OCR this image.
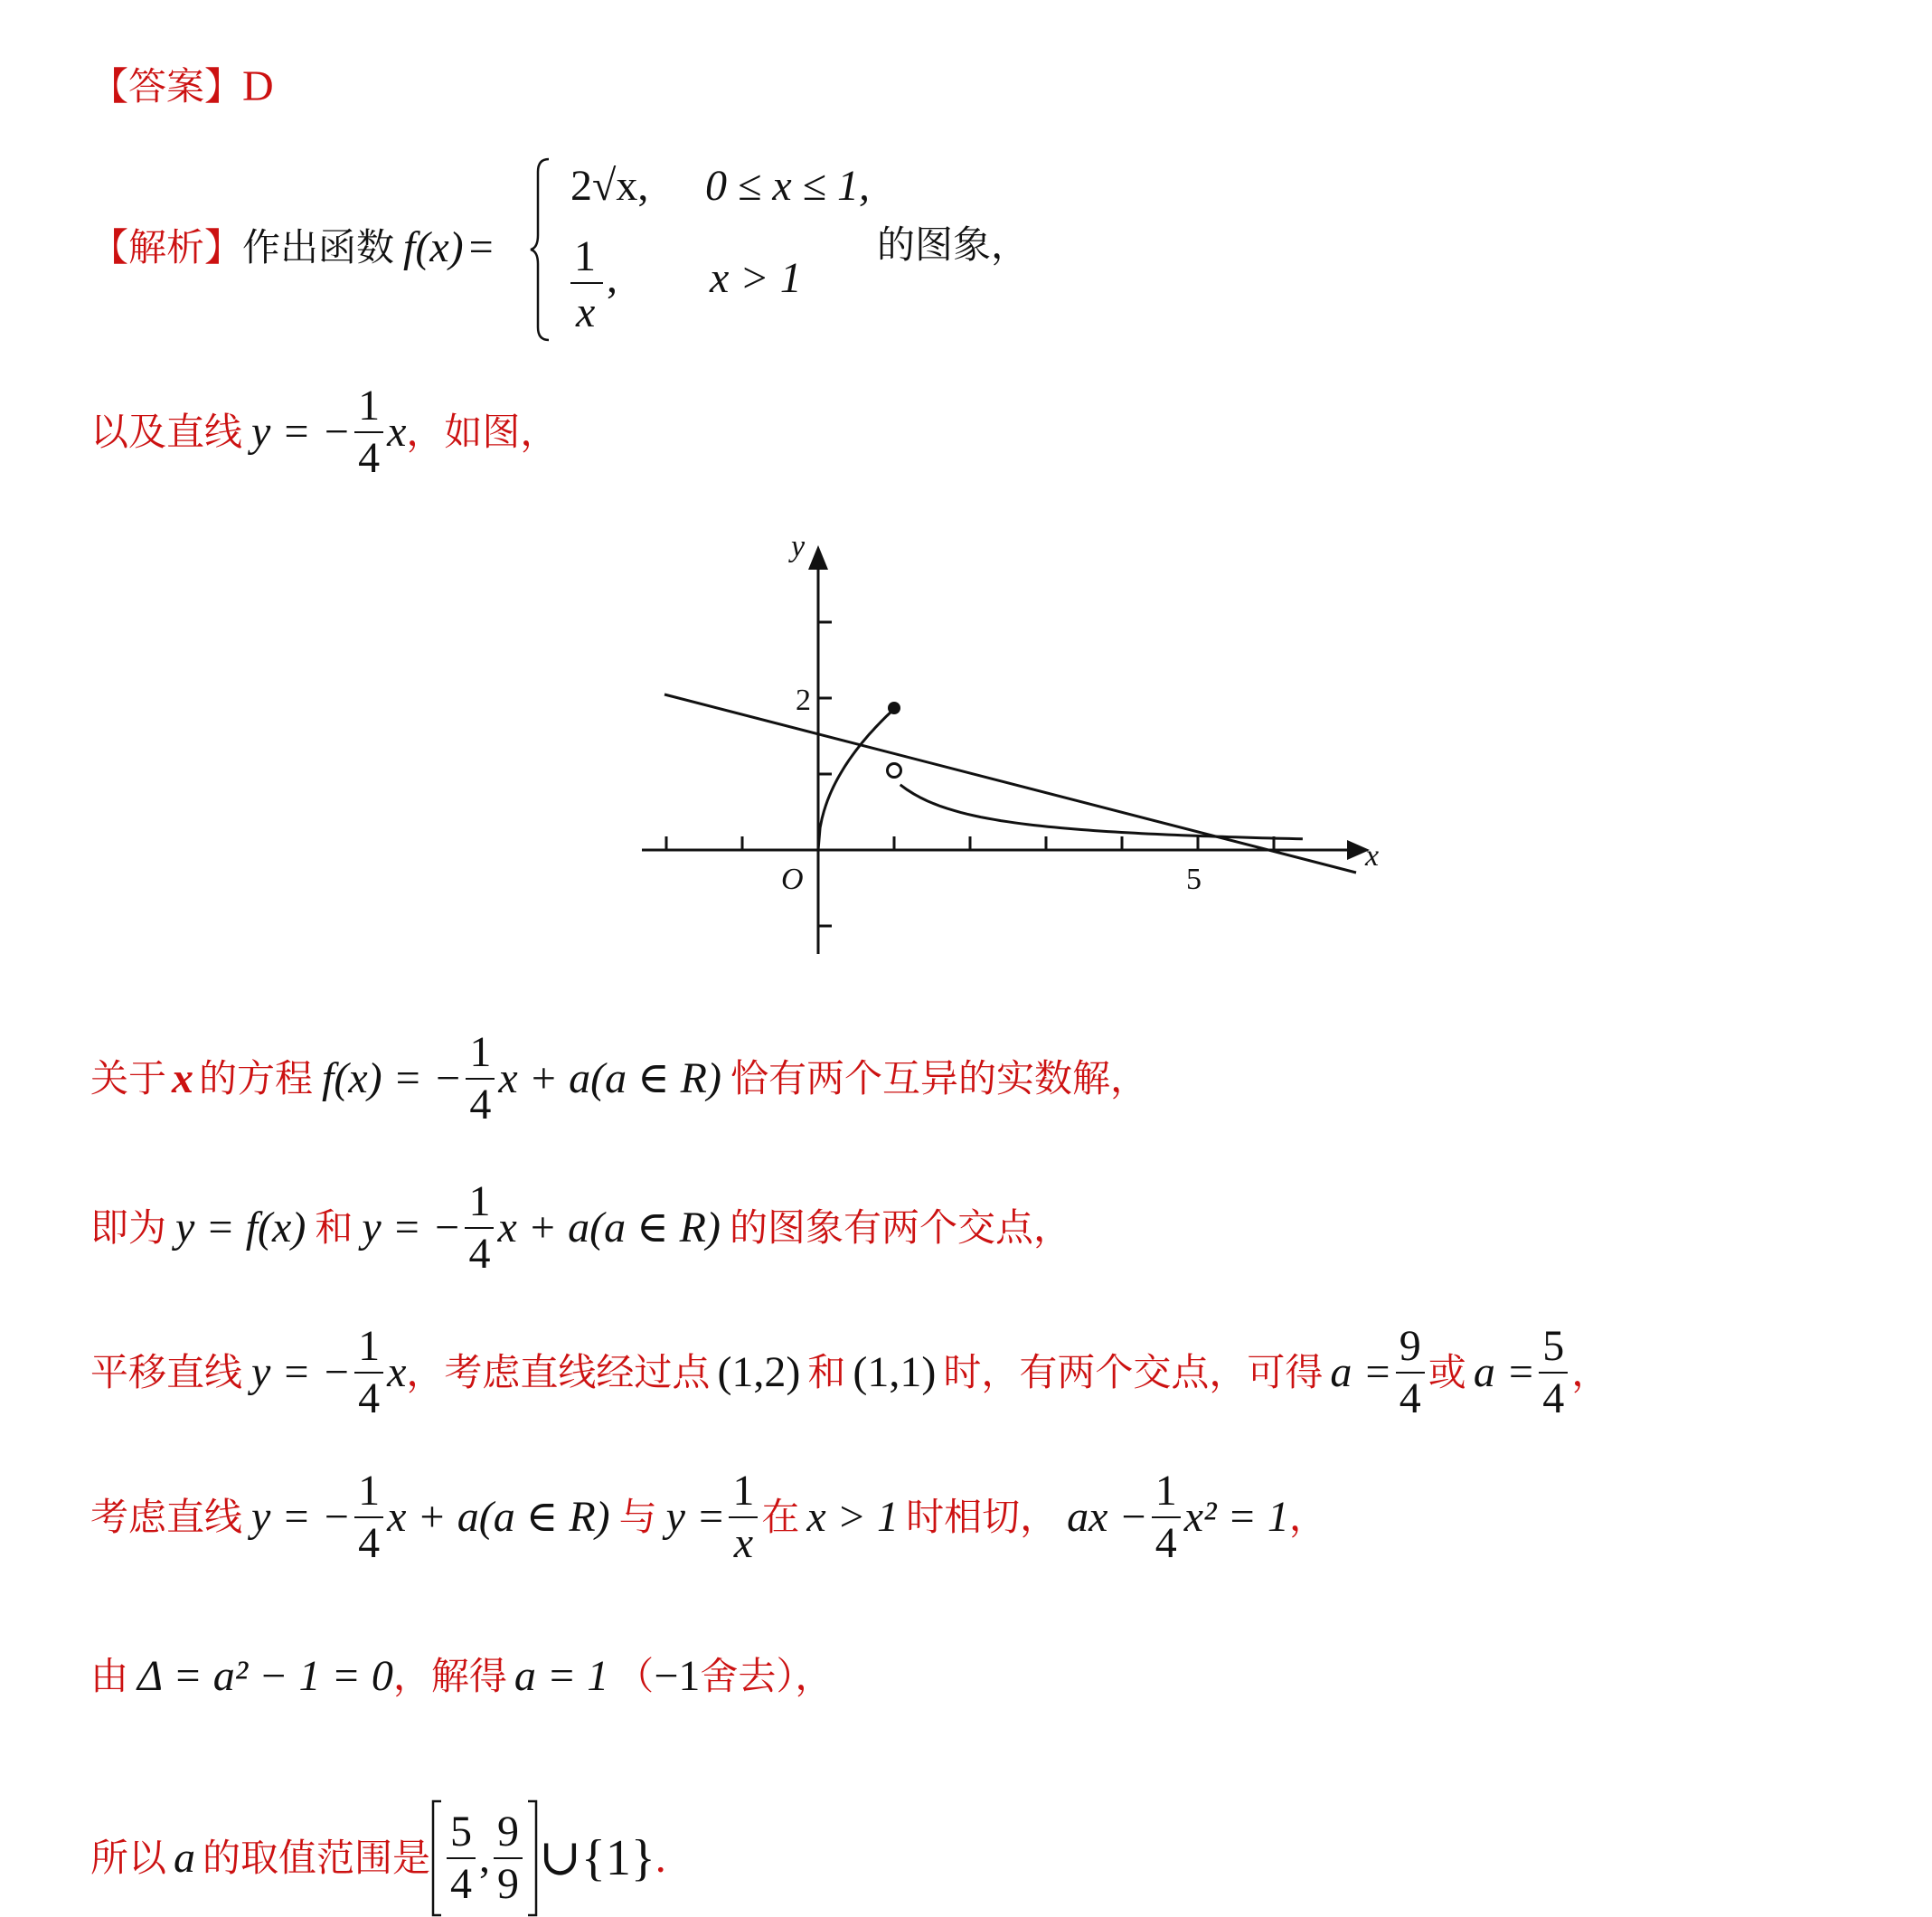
【答案】 D
【解析】 作出函数 f(x) =
2√x, 0 ≤ x ≤ 1,
1
x
, x > 1
的图象，
以及直线 y = − $\frac{1}{4}$ x ，如图，
y
x
O	5
2
关于 x 的方程 f(x) = − $\frac{1}{4}$ x + a(a ∈ R) 恰有两个互异的实数解，
即为 y = f(x) 和 y = − $\frac{1}{4}$ x + a(a ∈ R) 的图象有两个交点，
平移直线 y = − $\frac{1}{4}$ x ，考虑直线经过点 (1,2) 和 (1,1) 时，有两个交点，可得 $a = \frac{9}{4}$ 或 $a = \frac{5}{4}$ ，
考虑直线 y = − $\frac{1}{4}$ x + a(a ∈ R) 与 $y = \frac{1}{x}$ 在 x > 1 时相切， ax − $\frac{1}{4} x^2 = 1$ ，
由 Δ = a² − 1 = 0 ，解得 a = 1 （ −1 舍去），
所以 a 的取值范围是 $\frac{5}{4}$ , $\frac{9}{9}$ ∪{1} .
